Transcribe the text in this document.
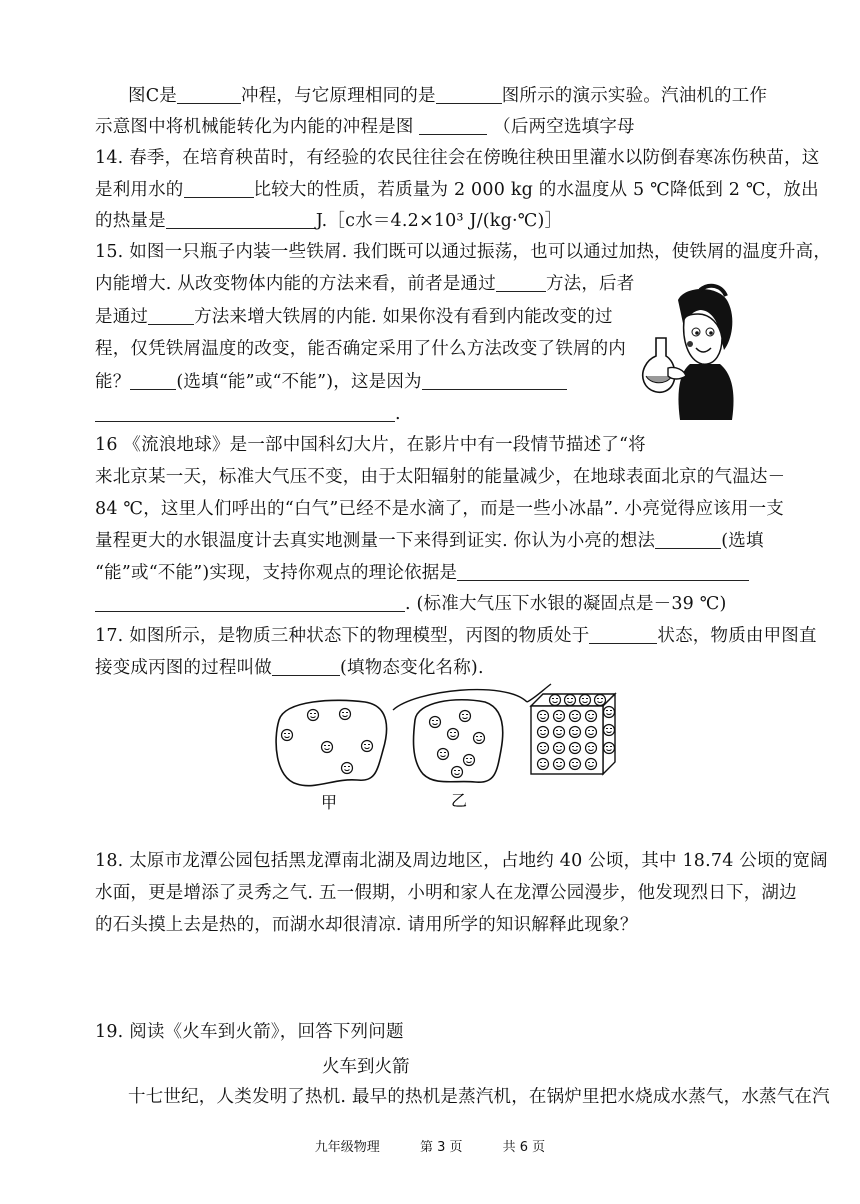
图C是	冲程，与它原理相同的是	图所示的演示实验。汽油机的工作
示意图中将机械能转化为内能的冲程是图	（后两空选填字母
14. 春季，在培育秧苗时，有经验的农民往往会在傍晚往秧田里灌水以防倒春寒冻伤秧苗，这
是利用水的	比较大的性质，若质量为 2 000 kg 的水温度从 5 ℃降低到 2 ℃，放出
的热量是	J.［c水＝4.2×10³ J/(kg·℃)］
15. 如图一只瓶子内装一些铁屑. 我们既可以通过振荡，也可以通过加热，使铁屑的温度升高，
内能增大. 从改变物体内能的方法来看，前者是通过	方法，后者
是通过	方法来增大铁屑的内能. 如果你没有看到内能改变的过
程，仅凭铁屑温度的改变，能否确定采用了什么方法改变了铁屑的内
能？	(选填“能”或“不能”)，这是因为
.
16 《流浪地球》是一部中国科幻大片，在影片中有一段情节描述了“将
来北京某一天，标准大气压不变，由于太阳辐射的能量减少，在地球表面北京的气温达－
84 ℃，这里人们呼出的“白气”已经不是水滴了，而是一些小冰晶”. 小亮觉得应该用一支
量程更大的水银温度计去真实地测量一下来得到证实. 你认为小亮的想法	(选填
“能”或“不能”)实现，支持你观点的理论依据是
. (标准大气压下水银的凝固点是－39 ℃)
17. 如图所示，是物质三种状态下的物理模型，丙图的物质处于	状态，物质由甲图直
接变成丙图的过程叫做	(填物态变化名称).
甲	乙
18. 太原市龙潭公园包括黑龙潭南北湖及周边地区，占地约 40 公顷，其中 18.74 公顷的宽阔
水面，更是增添了灵秀之气. 五一假期，小明和家人在龙潭公园漫步，他发现烈日下，湖边
的石头摸上去是热的，而湖水却很清凉. 请用所学的知识解释此现象？
19. 阅读《火车到火箭》，回答下列问题
火车到火箭
十七世纪，人类发明了热机. 最早的热机是蒸汽机，在锅炉里把水烧成水蒸气，水蒸气在汽
九年级物理	第 3 页	共 6 页
